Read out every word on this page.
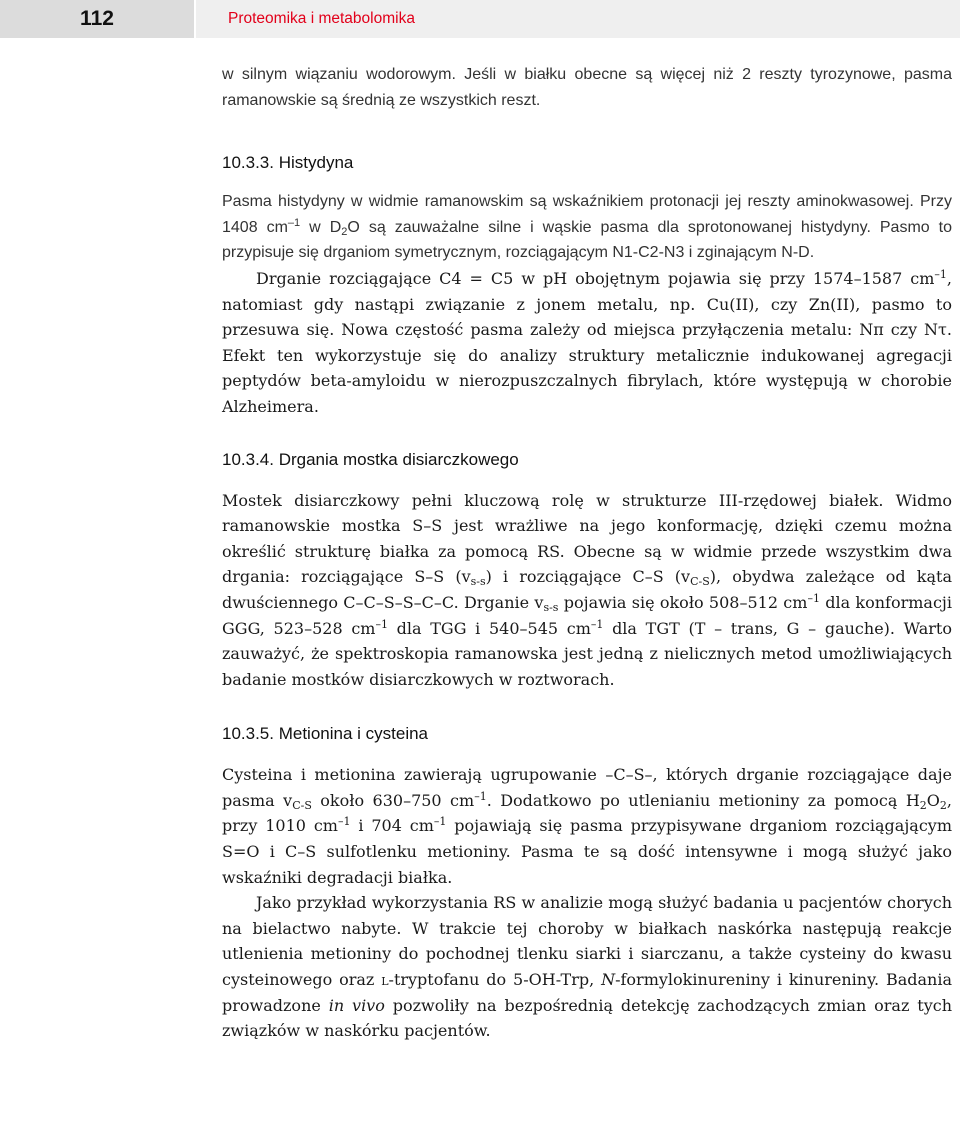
112	Proteomika i metabolomika

w silnym wiązaniu wodorowym. Jeśli w białku obecne są więcej niż 2 reszty tyrozynowe, pasma ramanowskie są średnią ze wszystkich reszt.

10.3.3. Histydyna

Pasma histydyny w widmie ramanowskim są wskaźnikiem protonacji jej reszty aminokwasowej. Przy 1408 $cm^{-1}$ w $D_2O$ są zauważalne silne i wąskie pasma dla sprotonowanej histydyny. Pasmo to przypisuje się drganiom symetrycznym, rozciągającym N1-C2-N3 i zginającym N-D.

Drganie rozciągające C4 = C5 w pH obojętnym pojawia się przy 1574–1587 $cm^{-1}$, natomiast gdy nastąpi związanie z jonem metalu, np. Cu(II), czy Zn(II), pasmo to przesuwa się. Nowa częstość pasma zależy od miejsca przyłączenia metalu: Nπ czy Nτ. Efekt ten wykorzystuje się do analizy struktury metalicznie indukowanej agregacji peptydów beta-amyloidu w nierozpuszczalnych fibrylach, które występują w chorobie Alzheimera.

10.3.4. Drgania mostka disiarczkowego

Mostek disiarczkowy pełni kluczową rolę w strukturze III-rzędowej białek. Widmo ramanowskie mostka S–S jest wrażliwe na jego konformację, dzięki czemu można określić strukturę białka za pomocą RS. Obecne są w widmie przede wszystkim dwa drgania: rozciągające S–S $(v_{s-s})$ i rozciągające C–S $(v_{C-S})$, obydwa zależące od kąta dwuściennego C–C–S–S–C–C. Drganie $v_{s-s}$ pojawia się około 508–512 $cm^{-1}$ dla konformacji GGG, 523–528 $cm^{-1}$ dla TGG i 540–545 $cm^{-1}$ dla TGT (T – trans, G – gauche). Warto zauważyć, że spektroskopia ramanowska jest jedną z nielicznych metod umożliwiających badanie mostków disiarczkowych w roztworach.

10.3.5. Metionina i cysteina

Cysteina i metionina zawierają ugrupowanie –C–S–, których drganie rozciągające daje pasma $v_{C-S}$ około 630–750 $cm^{-1}$. Dodatkowo po utlenianiu metioniny za pomocą $H_2O_2$, przy 1010 $cm^{-1}$ i 704 $cm^{-1}$ pojawiają się pasma przypisywane drganiom rozciągającym S=O i C–S sulfotlenku metioniny. Pasma te są dość intensywne i mogą służyć jako wskaźniki degradacji białka.

Jako przykład wykorzystania RS w analizie mogą służyć badania u pacjentów chorych na bielactwo nabyte. W trakcie tej choroby w białkach naskórka następują reakcje utlenienia metioniny do pochodnej tlenku siarki i siarczanu, a także cysteiny do kwasu cysteinowego oraz l-tryptofanu do 5-OH-Trp, N-formylokinureniny i kinureniny. Badania prowadzone in vivo pozwoliły na bezpośrednią detekcję zachodzących zmian oraz tych związków w naskórku pacjentów.
